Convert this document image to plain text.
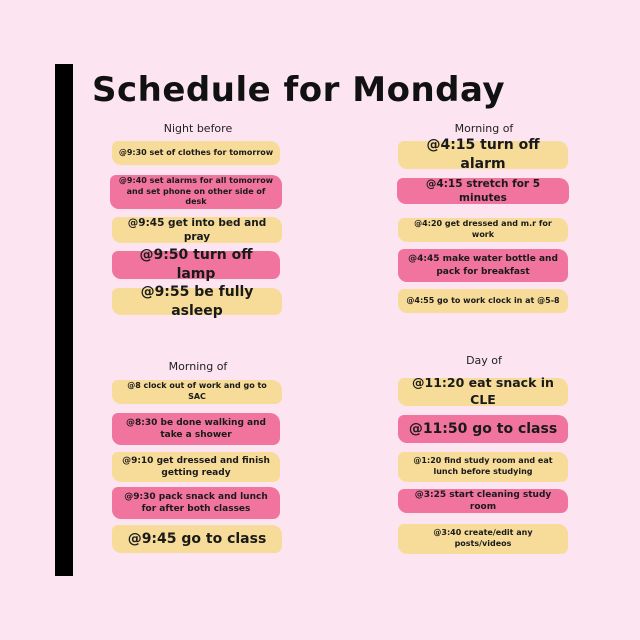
Schedule for Monday
Night before
@9:30 set of clothes for tomorrow
@9:40 set alarms for all tomorrow and set phone on other side of desk
@9:45 get into bed and pray
@9:50 turn off lamp
@9:55 be fully asleep
Morning of
@4:15 turn off alarm
@4:15 stretch for 5 minutes
@4:20 get dressed and m.r for work
@4:45 make water bottle and pack for breakfast
@4:55 go to work clock in at @5-8
Morning of
@8 clock out of work and go to SAC
@8:30 be done walking and take a shower
@9:10 get dressed and finish getting ready
@9:30 pack snack and lunch for after both classes
@9:45 go to class
Day of
@11:20 eat snack in CLE
@11:50 go to class
@1:20 find study room and eat lunch before studying
@3:25 start cleaning study room
@3:40 create/edit any posts/videos
